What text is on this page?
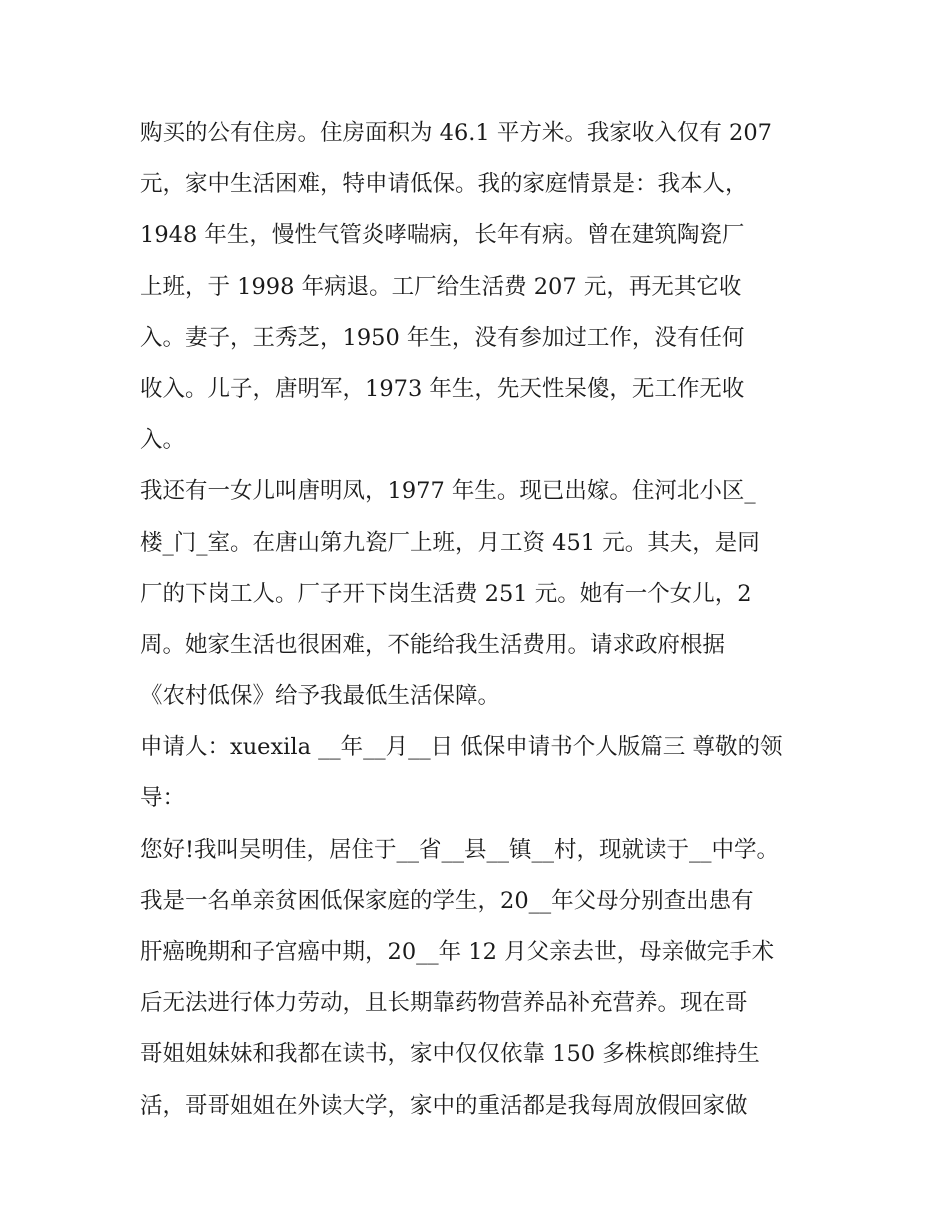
购买的公有住房。住房面积为 46.1 平方米。我家收入仅有 207
元，家中生活困难，特申请低保。我的家庭情景是：我本人，
1948 年生，慢性气管炎哮喘病，长年有病。曾在建筑陶瓷厂
上班，于 1998 年病退。工厂给生活费 207 元，再无其它收
入。妻子，王秀芝，1950 年生，没有参加过工作，没有任何
收入。儿子，唐明军，1973 年生，先天性呆傻，无工作无收
入。
我还有一女儿叫唐明凤，1977 年生。现已出嫁。住河北小区_
楼_门_室。在唐山第九瓷厂上班，月工资 451 元。其夫，是同
厂的下岗工人。厂子开下岗生活费 251 元。她有一个女儿，2
周。她家生活也很困难，不能给我生活费用。请求政府根据
《农村低保》给予我最低生活保障。
申请人：xuexila __年__月__日 低保申请书个人版篇三 尊敬的领
导：
您好!我叫吴明佳，居住于__省__县__镇__村，现就读于__中学。
我是一名单亲贫困低保家庭的学生，20__年父母分别查出患有
肝癌晚期和子宫癌中期，20__年 12 月父亲去世，母亲做完手术
后无法进行体力劳动，且长期靠药物营养品补充营养。现在哥
哥姐姐妹妹和我都在读书，家中仅仅依靠 150 多株槟郎维持生
活，哥哥姐姐在外读大学，家中的重活都是我每周放假回家做
